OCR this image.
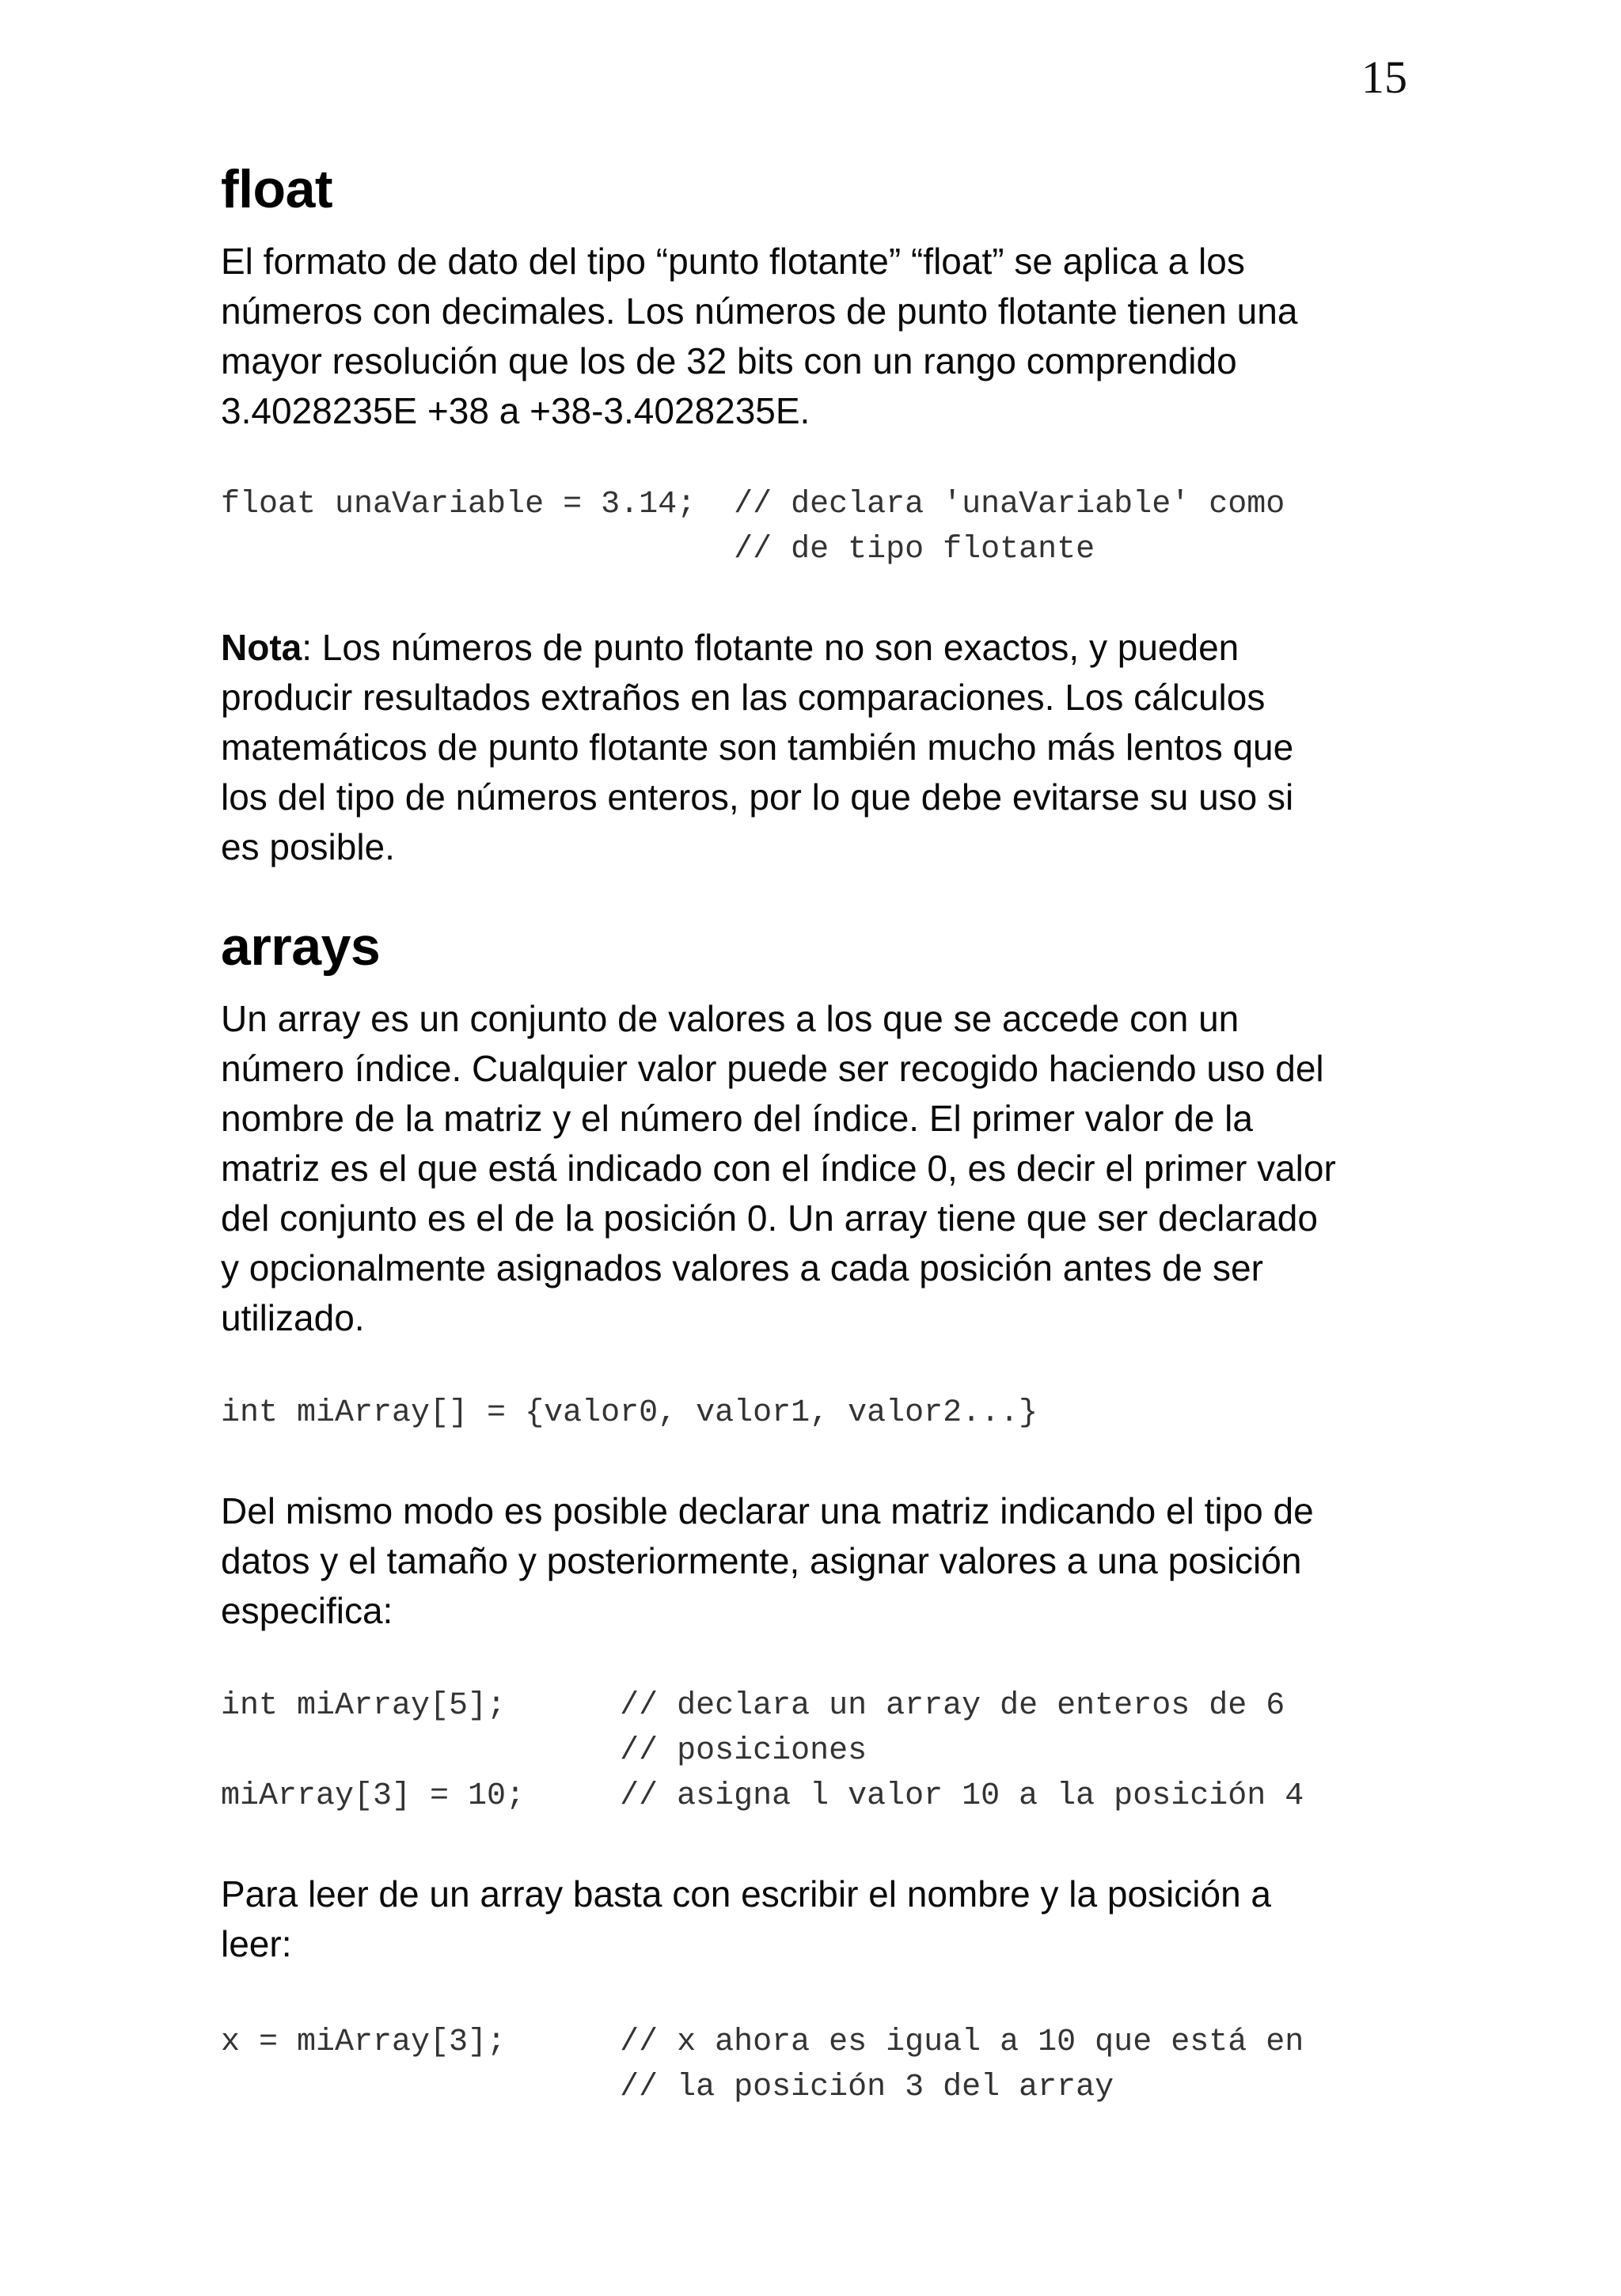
15
float

El formato de dato del tipo “punto flotante” “float” se aplica a los
números con decimales. Los números de punto flotante tienen una
mayor resolución que los de 32 bits con un rango comprendido
3.4028235E +38 a +38-3.4028235E.

float unaVariable = 3.14;  // declara 'unaVariable' como
// de tipo flotante

Nota: Los números de punto flotante no son exactos, y pueden
producir resultados extraños en las comparaciones. Los cálculos
matemáticos de punto flotante son también mucho más lentos que
los del tipo de números enteros, por lo que debe evitarse su uso si
es posible.

arrays

Un array es un conjunto de valores a los que se accede con un
número índice. Cualquier valor puede ser recogido haciendo uso del
nombre de la matriz y el número del índice. El primer valor de la
matriz es el que está indicado con el índice 0, es decir el primer valor
del conjunto es el de la posición 0. Un array tiene que ser declarado
y opcionalmente asignados valores a cada posición antes de ser
utilizado.

int miArray[] = {valor0, valor1, valor2...}

Del mismo modo es posible declarar una matriz indicando el tipo de
datos y el tamaño y posteriormente, asignar valores a una posición
especifica:

int miArray[5];      // declara un array de enteros de 6
// posiciones
miArray[3] = 10;     // asigna l valor 10 a la posición 4

Para leer de un array basta con escribir el nombre y la posición a
leer:

x = miArray[3];      // x ahora es igual a 10 que está en
// la posición 3 del array
